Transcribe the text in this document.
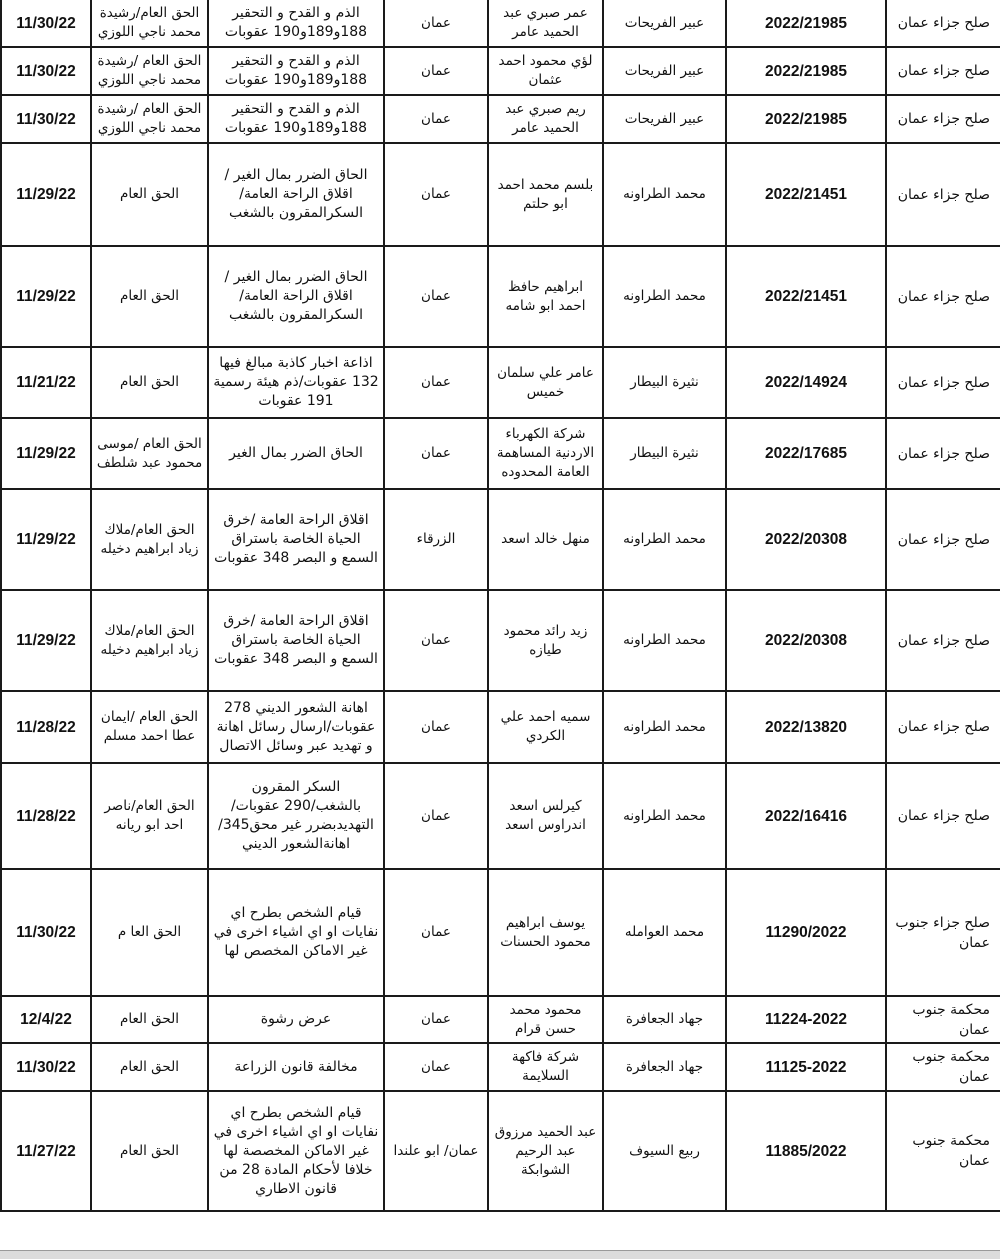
11/30/22	الحق العام/رشيدة محمد ناجي اللوزي	الذم و القدح و التحقير 188و189و190 عقوبات	عمان	عمر صبري عبد الحميد عامر	عبير الفريحات	2022/21985	صلح جزاء عمان

11/30/22	الحق العام /رشيدة محمد ناجي اللوزي	الذم و القدح و التحقير 188و189و190 عقوبات	عمان	لؤي محمود احمد عثمان	عبير الفريحات	2022/21985	صلح جزاء عمان

11/30/22	الحق العام /رشيدة محمد ناجي اللوزي	الذم و القدح و التحقير 188و189و190 عقوبات	عمان	ريم صبري عبد الحميد عامر	عبير الفريحات	2022/21985	صلح جزاء عمان

11/29/22	الحق العام	الحاق الضرر بمال الغير /اقلاق الراحة العامة/السكرالمقرون بالشغب	عمان	بلسم محمد احمد ابو حلتم	محمد الطراونه	2022/21451	صلح جزاء عمان

11/29/22	الحق العام	الحاق الضرر بمال الغير /اقلاق الراحة العامة/السكرالمقرون بالشغب	عمان	ابراهيم حافظ احمد ابو شامه	محمد الطراونه	2022/21451	صلح جزاء عمان

11/21/22	الحق العام	اذاعة اخبار كاذبة مبالغ فيها 132 عقوبات/ذم هيئة رسمية 191 عقوبات	عمان	عامر علي سلمان خميس	نثيرة البيطار	2022/14924	صلح جزاء عمان

11/29/22	الحق العام /موسى محمود عبد شلطف	الحاق الضرر بمال الغير	عمان	شركة الكهرباء الاردنية المساهمة العامة المحدوده	نثيرة البيطار	2022/17685	صلح جزاء عمان

11/29/22	الحق العام/ملاك زياد ابراهيم دخيله	اقلاق الراحة العامة /خرق الحياة الخاصة باستراق السمع و البصر 348 عقوبات	الزرقاء	منهل خالد اسعد	محمد الطراونه	2022/20308	صلح جزاء عمان

11/29/22	الحق العام/ملاك زياد ابراهيم دخيله	اقلاق الراحة العامة /خرق الحياة الخاصة باستراق السمع و البصر 348 عقوبات	عمان	زيد رائد محمود طيازه	محمد الطراونه	2022/20308	صلح جزاء عمان

11/28/22	الحق العام /ايمان عطا احمد مسلم	اهانة الشعور الديني 278 عقوبات/ارسال رسائل اهانة و تهديد عبر وسائل الاتصال	عمان	سميه احمد علي الكردي	محمد الطراونه	2022/13820	صلح جزاء عمان

11/28/22	الحق العام/ناصر احد ابو ريانه	السكر المقرون بالشغب/290 عقوبات/التهديدبضرر غير محق345/اهانةالشعور الديني	عمان	كيرلس اسعد اندراوس اسعد	محمد الطراونه	2022/16416	صلح جزاء عمان

11/30/22	الحق العا م	قيام الشخص بطرح اي نفايات او اي اشياء اخرى في غير الاماكن المخصص لها	عمان	يوسف ابراهيم محمود الحسنات	محمد العوامله	11290/2022	صلح جزاء جنوب عمان

12/4/22	الحق العام	عرض رشوة	عمان	محمود محمد حسن قرام	جهاد الجعافرة	11224-2022	محكمة جنوب عمان

11/30/22	الحق العام	مخالفة قانون الزراعة	عمان	شركة فاكهة السلايمة	جهاد الجعافرة	11125-2022	محكمة جنوب عمان

11/27/22	الحق العام	قيام الشخص بطرح اي نفايات او اي اشياء اخرى في غير الاماكن المخصصة لها خلافا لأحكام المادة 28 من قانون الاطاري	عمان/ ابو علندا	عبد الحميد مرزوق عبد الرحيم الشوابكة	ربيع السيوف	11885/2022	محكمة جنوب عمان
